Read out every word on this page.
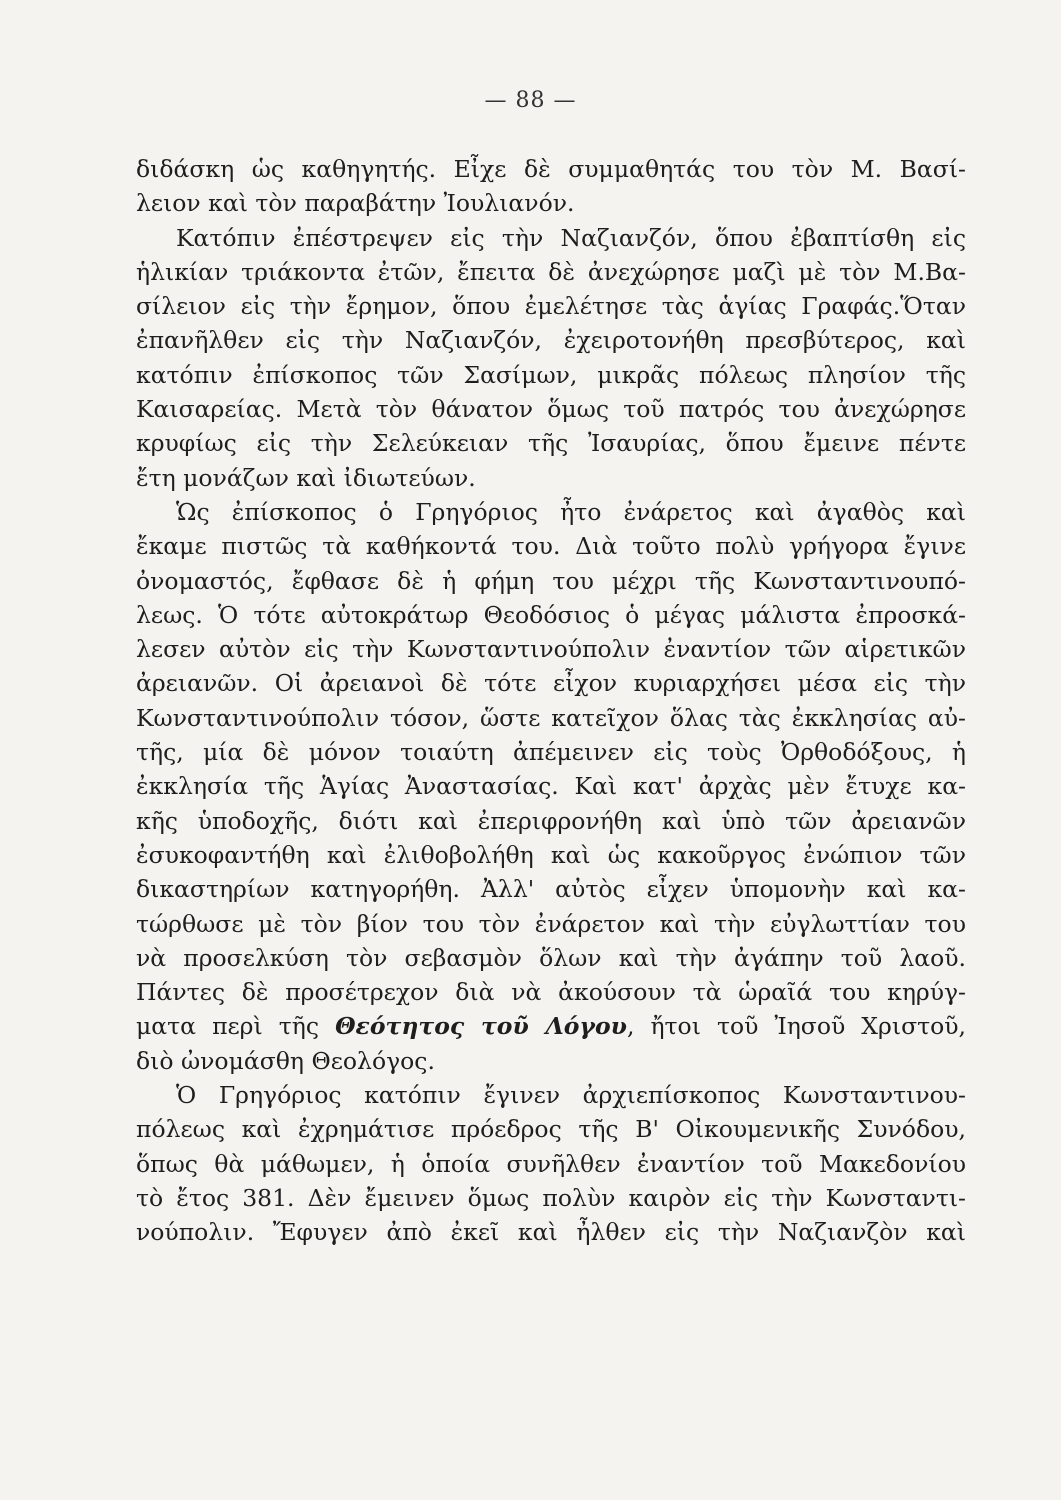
— 88 —
διδάσκη ὡς καθηγητής. Εἶχε δὲ συμμαθητάς του τὸν Μ. Βασί-
λειον καὶ τὸν παραβάτην Ἰουλιανόν.
Κατόπιν ἐπέστρεψεν εἰς τὴν Ναζιανζόν, ὅπου ἐβαπτίσθη εἰς
ἡλικίαν τριάκοντα ἐτῶν, ἔπειτα δὲ ἀνεχώρησε μαζὶ μὲ τὸν Μ.Βα-
σίλειον εἰς τὴν ἔρημον, ὅπου ἐμελέτησε τὰς ἁγίας Γραφάς.Ὅταν
ἐπανῆλθεν εἰς τὴν Ναζιανζόν, ἐχειροτονήθη πρεσβύτερος, καὶ
κατόπιν ἐπίσκοπος τῶν Σασίμων, μικρᾶς πόλεως πλησίον τῆς
Καισαρείας. Μετὰ τὸν θάνατον ὅμως τοῦ πατρός του ἀνεχώρησε
κρυφίως εἰς τὴν Σελεύκειαν τῆς Ἰσαυρίας, ὅπου ἔμεινε πέντε
ἔτη μονάζων καὶ ἰδιωτεύων.
Ὡς ἐπίσκοπος ὁ Γρηγόριος ἦτο ἐνάρετος καὶ ἀγαθὸς καὶ
ἔκαμε πιστῶς τὰ καθήκοντά του. Διὰ τοῦτο πολὺ γρήγορα ἔγινε
ὀνομαστός, ἔφθασε δὲ ἡ φήμη του μέχρι τῆς Κωνσταντινουπό-
λεως. Ὁ τότε αὐτοκράτωρ Θεοδόσιος ὁ μέγας μάλιστα ἐπροσκά-
λεσεν αὐτὸν εἰς τὴν Κωνσταντινούπολιν ἐναντίον τῶν αἱρετικῶν
ἀρειανῶν. Οἱ ἀρειανοὶ δὲ τότε εἶχον κυριαρχήσει μέσα εἰς τὴν
Κωνσταντινούπολιν τόσον, ὥστε κατεῖχον ὅλας τὰς ἐκκλησίας αὐ-
τῆς, μία δὲ μόνον τοιαύτη ἀπέμεινεν εἰς τοὺς Ὀρθοδόξους, ἡ
ἐκκλησία τῆς Ἁγίας Ἀναστασίας. Καὶ κατ' ἀρχὰς μὲν ἔτυχε κα-
κῆς ὑποδοχῆς, διότι καὶ ἐπεριφρονήθη καὶ ὑπὸ τῶν ἀρειανῶν
ἐσυκοφαντήθη καὶ ἐλιθοβολήθη καὶ ὡς κακοῦργος ἐνώπιον τῶν
δικαστηρίων κατηγορήθη. Ἀλλ' αὐτὸς εἶχεν ὑπομονὴν καὶ κα-
τώρθωσε μὲ τὸν βίον του τὸν ἐνάρετον καὶ τὴν εὐγλωττίαν του
νὰ προσελκύση τὸν σεβασμὸν ὅλων καὶ τὴν ἀγάπην τοῦ λαοῦ.
Πάντες δὲ προσέτρεχον διὰ νὰ ἀκούσουν τὰ ὡραῖά του κηρύγ-
ματα περὶ τῆς Θεότητος τοῦ Λόγου, ἤτοι τοῦ Ἰησοῦ Χριστοῦ,
διὸ ὠνομάσθη Θεολόγος.
Ὁ Γρηγόριος κατόπιν ἔγινεν ἀρχιεπίσκοπος Κωνσταντινου-
πόλεως καὶ ἐχρημάτισε πρόεδρος τῆς Β' Οἰκουμενικῆς Συνόδου,
ὅπως θὰ μάθωμεν, ἡ ὁποία συνῆλθεν ἐναντίον τοῦ Μακεδονίου
τὸ ἔτος 381. Δὲν ἔμεινεν ὅμως πολὺν καιρὸν εἰς τὴν Κωνσταντι-
νούπολιν. Ἔφυγεν ἀπὸ ἐκεῖ καὶ ἦλθεν εἰς τὴν Ναζιανζὸν καὶ
